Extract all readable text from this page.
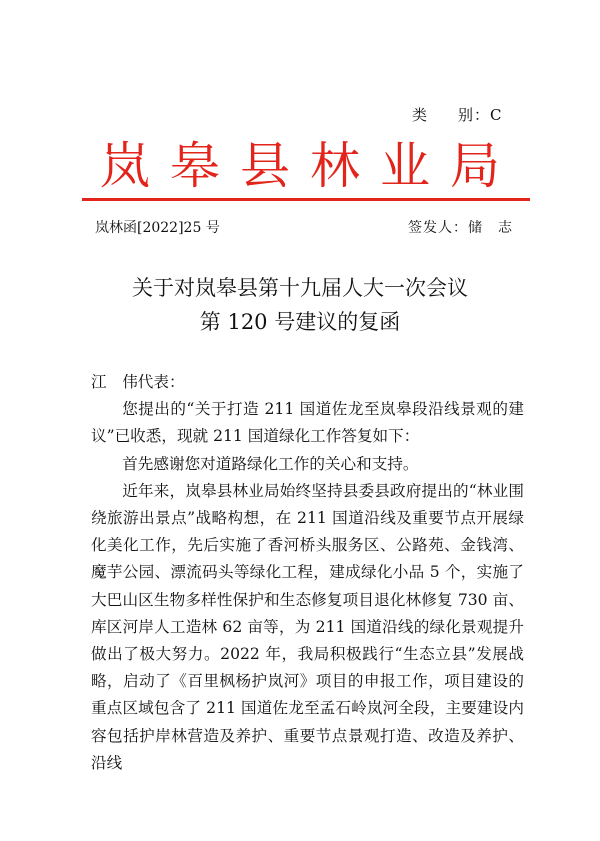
类 别：C
岚皋县林业局
岚林函[2022]25 号	签发人：储　志
关于对岚皋县第十九届人大一次会议
第 120 号建议的复函

江　伟代表：

您提出的“关于打造 211 国道佐龙至岚皋段沿线景观的建议”已收悉，现就 211 国道绿化工作答复如下：

首先感谢您对道路绿化工作的关心和支持。

近年来，岚皋县林业局始终坚持县委县政府提出的“林业围绕旅游出景点”战略构想，在 211 国道沿线及重要节点开展绿化美化工作，先后实施了香河桥头服务区、公路苑、金钱湾、魔芋公园、漂流码头等绿化工程，建成绿化小品 5 个，实施了大巴山区生物多样性保护和生态修复项目退化林修复 730 亩、库区河岸人工造林 62 亩等，为 211 国道沿线的绿化景观提升做出了极大努力。2022 年，我局积极践行“生态立县”发展战略，启动了《百里枫杨护岚河》项目的申报工作，项目建设的重点区域包含了 211 国道佐龙至孟石岭岚河全段，主要建设内容包括护岸林营造及养护、重要节点景观打造、改造及养护、沿线
